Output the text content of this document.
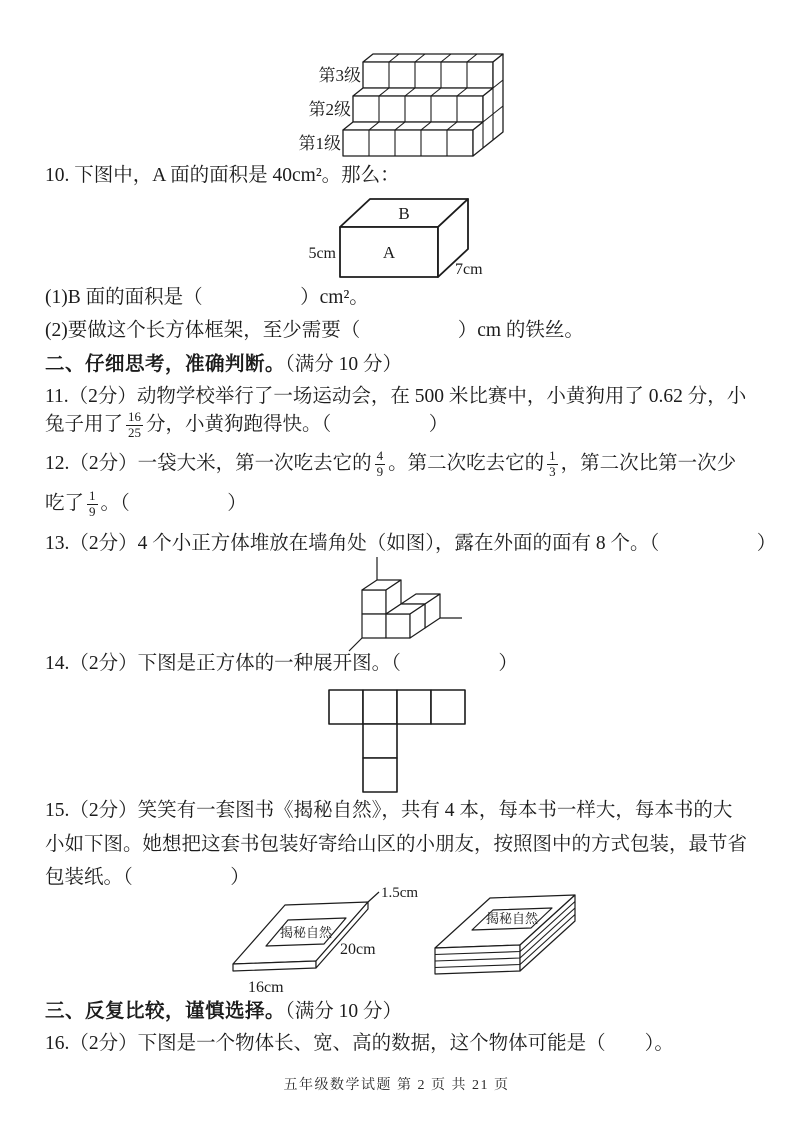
第3级
第2级
第1级
10. 下图中，A 面的面积是 40cm²。那么：
B
A
5cm
7cm
(1)B 面的面积是（　　　　　）cm²。
(2)要做这个长方体框架，至少需要（　　　　　）cm 的铁丝。
二、仔细思考，准确判断。（满分 10 分）
11.（2分）动物学校举行了一场运动会，在 500 米比赛中，小黄狗用了 0.62 分，小
兔子用了 $\frac{16}{25}$ 分，小黄狗跑得快。（　　　　　）
12.（2分）一袋大米，第一次吃去它的 $\frac{4}{9}$ 。第二次吃去它的 $\frac{1}{3}$ ，第二次比第一次少
吃了 $\frac{1}{9}$ 。（　　　　　）
13.（2分）4 个小正方体堆放在墙角处（如图），露在外面的面有 8 个。（　　　　　）
14.（2分）下图是正方体的一种展开图。（　　　　　）
15.（2分）笑笑有一套图书《揭秘自然》，共有 4 本，每本书一样大，每本书的大
小如下图。她想把这套书包装好寄给山区的小朋友，按照图中的方式包装，最节省
包装纸。（　　　　　）
揭秘自然
1.5cm
20cm
16cm
揭秘自然
三、反复比较，谨慎选择。（满分 10 分）
16.（2分）下图是一个物体长、宽、高的数据，这个物体可能是（　　）。
五年级数学试题 第 2 页 共 21 页
